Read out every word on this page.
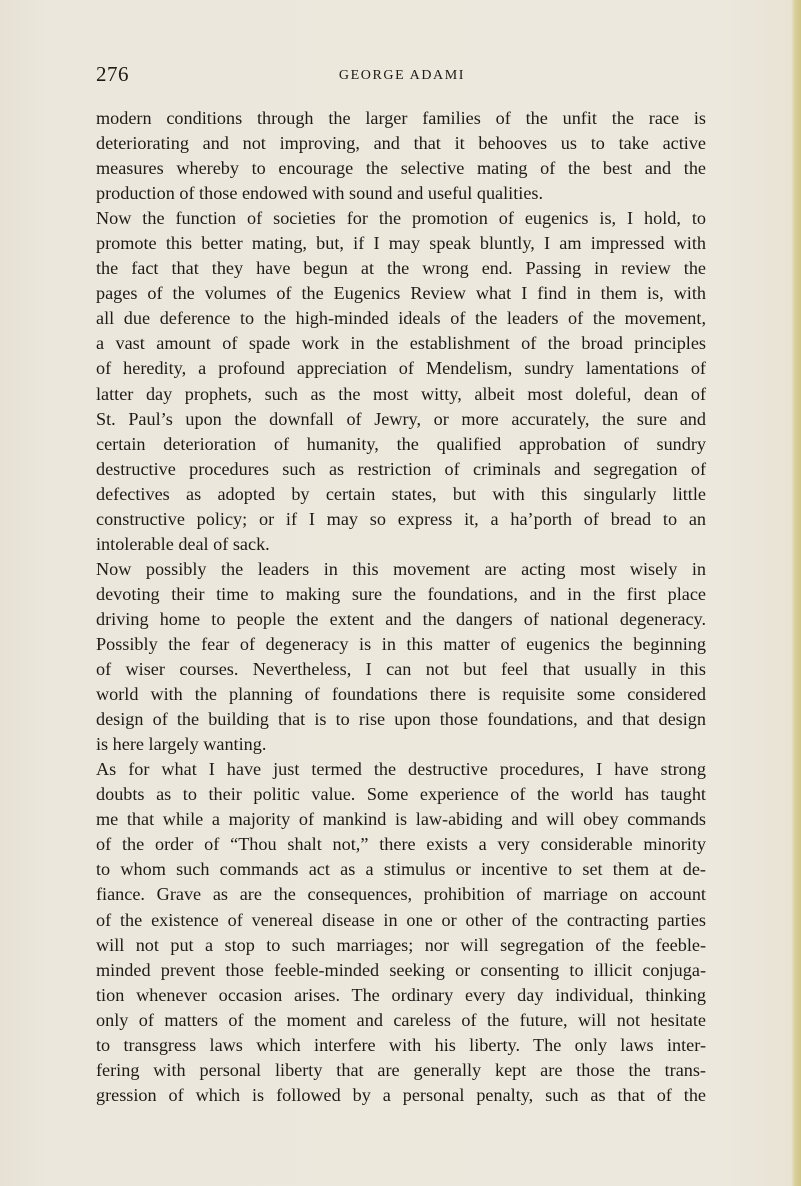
276	GEORGE ADAMI
modern conditions through the larger families of the unfit the race is
deteriorating and not improving, and that it behooves us to take active
measures whereby to encourage the selective mating of the best and the
production of those endowed with sound and useful qualities.
Now the function of societies for the promotion of eugenics is, I hold, to
promote this better mating, but, if I may speak bluntly, I am impressed with
the fact that they have begun at the wrong end. Passing in review the
pages of the volumes of the Eugenics Review what I find in them is, with
all due deference to the high-minded ideals of the leaders of the movement,
a vast amount of spade work in the establishment of the broad principles
of heredity, a profound appreciation of Mendelism, sundry lamentations of
latter day prophets, such as the most witty, albeit most doleful, dean of
St. Paul’s upon the downfall of Jewry, or more accurately, the sure and
certain deterioration of humanity, the qualified approbation of sundry
destructive procedures such as restriction of criminals and segregation of
defectives as adopted by certain states, but with this singularly little
constructive policy; or if I may so express it, a ha’porth of bread to an
intolerable deal of sack.
Now possibly the leaders in this movement are acting most wisely in
devoting their time to making sure the foundations, and in the first place
driving home to people the extent and the dangers of national degeneracy.
Possibly the fear of degeneracy is in this matter of eugenics the beginning
of wiser courses. Nevertheless, I can not but feel that usually in this
world with the planning of foundations there is requisite some considered
design of the building that is to rise upon those foundations, and that design
is here largely wanting.
As for what I have just termed the destructive procedures, I have strong
doubts as to their politic value. Some experience of the world has taught
me that while a majority of mankind is law-abiding and will obey commands
of the order of “Thou shalt not,” there exists a very considerable minority
to whom such commands act as a stimulus or incentive to set them at de-
fiance. Grave as are the consequences, prohibition of marriage on account
of the existence of venereal disease in one or other of the contracting parties
will not put a stop to such marriages; nor will segregation of the feeble-
minded prevent those feeble-minded seeking or consenting to illicit conjuga-
tion whenever occasion arises. The ordinary every day individual, thinking
only of matters of the moment and careless of the future, will not hesitate
to transgress laws which interfere with his liberty. The only laws inter-
fering with personal liberty that are generally kept are those the trans-
gression of which is followed by a personal penalty, such as that of the
